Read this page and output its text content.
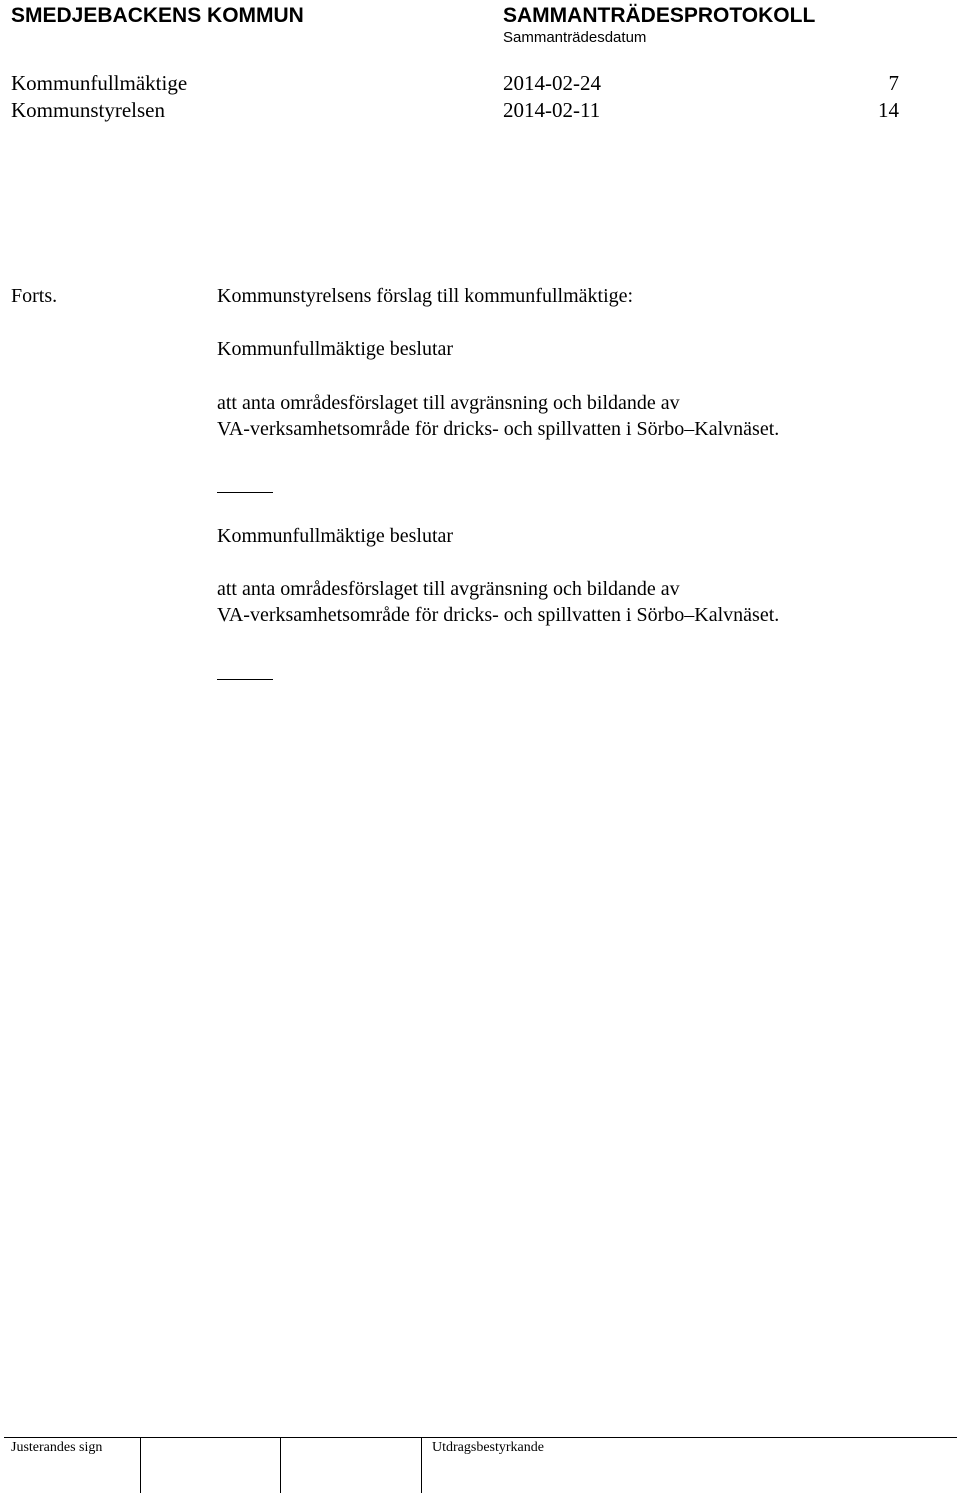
SMEDJEBACKENS KOMMUN	SAMMANTRÄDESPROTOKOLL
Sammanträdesdatum
Kommunfullmäktige	2014-02-24	7
Kommunstyrelsen	2014-02-11	14
Forts.	Kommunstyrelsens förslag till kommunfullmäktige:
Kommunfullmäktige beslutar
att anta områdesförslaget till avgränsning och bildande av
VA-verksamhetsområde för dricks- och spillvatten i Sörbo–Kalvnäset.
Kommunfullmäktige beslutar
att anta områdesförslaget till avgränsning och bildande av
VA-verksamhetsområde för dricks- och spillvatten i Sörbo–Kalvnäset.
Justerandes sign	Utdragsbestyrkande
